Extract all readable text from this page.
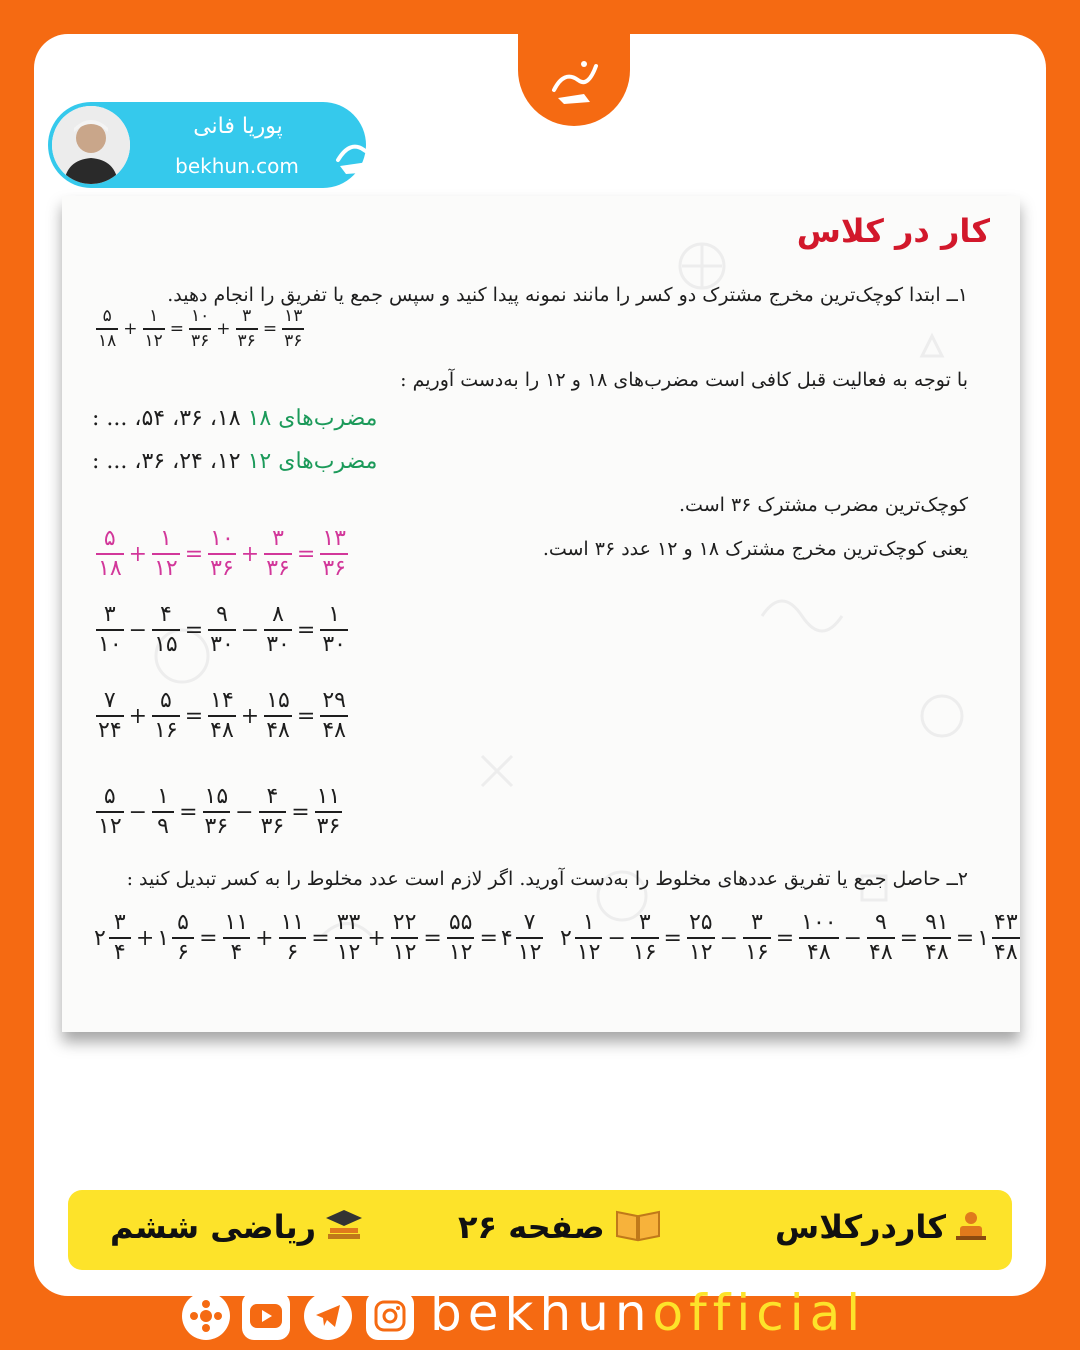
پوریا فانی
bekhun.com
کار در کلاس
۱ــ ابتدا کوچک‌ترین مخرج مشترک دو کسر را مانند نمونه پیدا کنید و سپس جمع یا تفریق را انجام دهید.
$\frac{۵}{۱۸} + \frac{۱}{۱۲} = \frac{۱۰}{۳۶} + \frac{۳}{۳۶} = \frac{۱۳}{۳۶}$
با توجه به فعالیت قبل کافی است مضرب‌های ۱۸ و ۱۲ را به‌دست آوریم :
مضرب‌های ۱۸ ۱۸، ۳۶، ۵۴، ... :
مضرب‌های ۱۲ ۱۲، ۲۴، ۳۶، ... :
کوچک‌ترین مضرب مشترک ۳۶ است.
یعنی کوچک‌ترین مخرج مشترک ۱۸ و ۱۲ عدد ۳۶ است.
$\frac{۵}{۱۸} + \frac{۱}{۱۲} = \frac{۱۰}{۳۶} + \frac{۳}{۳۶} = \frac{۱۳}{۳۶}$
$\frac{۳}{۱۰} - \frac{۴}{۱۵} = \frac{۹}{۳۰} - \frac{۸}{۳۰} = \frac{۱}{۳۰}$
$\frac{۷}{۲۴} + \frac{۵}{۱۶} = \frac{۱۴}{۴۸} + \frac{۱۵}{۴۸} = \frac{۲۹}{۴۸}$
$\frac{۵}{۱۲} - \frac{۱}{۹} = \frac{۱۵}{۳۶} - \frac{۴}{۳۶} = \frac{۱۱}{۳۶}$
۲ــ حاصل جمع یا تفریق عددهای مخلوط را به‌دست آورید. اگر لازم است عدد مخلوط را به کسر تبدیل کنید :
۲ $\frac{۳}{۴}$ + ۱ $\frac{۵}{۶} = \frac{۱۱}{۴} + \frac{۱۱}{۶} = \frac{۳۳}{۱۲} + \frac{۲۲}{۱۲} = \frac{۵۵}{۱۲}$ = ۴ $\frac{۷}{۱۲}$ ۲ $\frac{۱}{۱۲} - \frac{۳}{۱۶} = \frac{۲۵}{۱۲} - \frac{۳}{۱۶} = \frac{۱۰۰}{۴۸} - \frac{۹}{۴۸} = \frac{۹۱}{۴۸}$ = ۱ $\frac{۴۳}{۴۸}$
کاردرکلاس
صفحه ۲۶
ریاضی ششم
bekhunofficial
